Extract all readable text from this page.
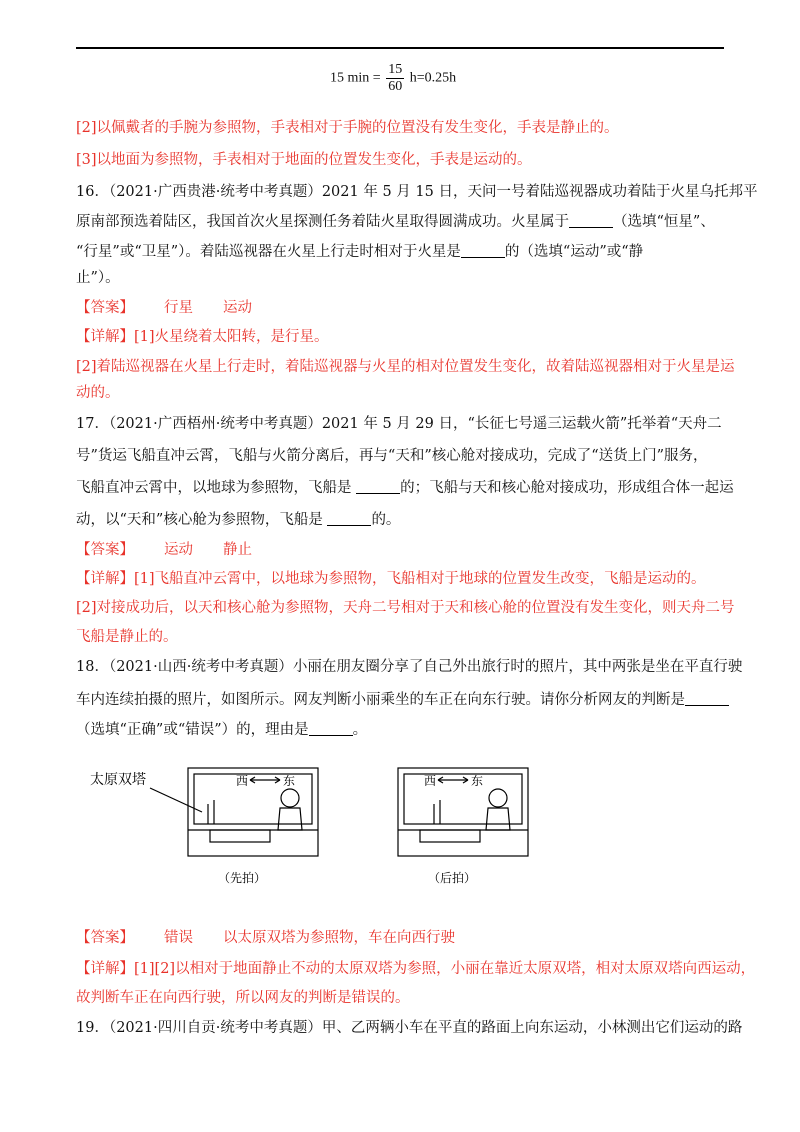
15 $\min = \frac{15}{60} h=0.25h$
[2]以佩戴者的手腕为参照物，手表相对于手腕的位置没有发生变化，手表是静止的。
[3]以地面为参照物，手表相对于地面的位置发生变化，手表是运动的。
16．（2021·广西贵港·统考中考真题）2021 年 5 月 15 日，天问一号着陆巡视器成功着陆于火星乌托邦平
原南部预选着陆区，我国首次火星探测任务着陆火星取得圆满成功。火星属于	（选填“恒星”、
“行星”或“卫星”）。着陆巡视器在火星上行走时相对于火星是	的（选填“运动”或“静
止”）。
【答案】 行星 运动
【详解】[1]火星绕着太阳转，是行星。
[2]着陆巡视器在火星上行走时，着陆巡视器与火星的相对位置发生变化，故着陆巡视器相对于火星是运
动的。
17．（2021·广西梧州·统考中考真题）2021 年 5 月 29 日，“长征七号遥三运载火箭”托举着“天舟二
号”货运飞船直冲云霄，飞船与火箭分离后，再与“天和”核心舱对接成功，完成了“送货上门”服务，
飞船直冲云霄中，以地球为参照物，飞船是	的；飞船与天和核心舱对接成功，形成组合体一起运
动，以“天和”核心舱为参照物，飞船是	的。
【答案】 运动 静止
【详解】[1]飞船直冲云霄中，以地球为参照物，飞船相对于地球的位置发生改变，飞船是运动的。
[2]对接成功后，以天和核心舱为参照物，天舟二号相对于天和核心舱的位置没有发生变化，则天舟二号
飞船是静止的。
18．（2021·山西·统考中考真题）小丽在朋友圈分享了自己外出旅行时的照片，其中两张是坐在平直行驶
车内连续拍摄的照片，如图所示。网友判断小丽乘坐的车正在向东行驶。请你分析网友的判断是
（选填“正确”或“错误”）的，理由是	。
太原双塔	西	东	西	东
（先拍）	（后拍）
【答案】 错误 以太原双塔为参照物，车在向西行驶
【详解】[1][2]以相对于地面静止不动的太原双塔为参照，小丽在靠近太原双塔，相对太原双塔向西运动，
故判断车正在向西行驶，所以网友的判断是错误的。
19．（2021·四川自贡·统考中考真题）甲、乙两辆小车在平直的路面上向东运动，小林测出它们运动的路
